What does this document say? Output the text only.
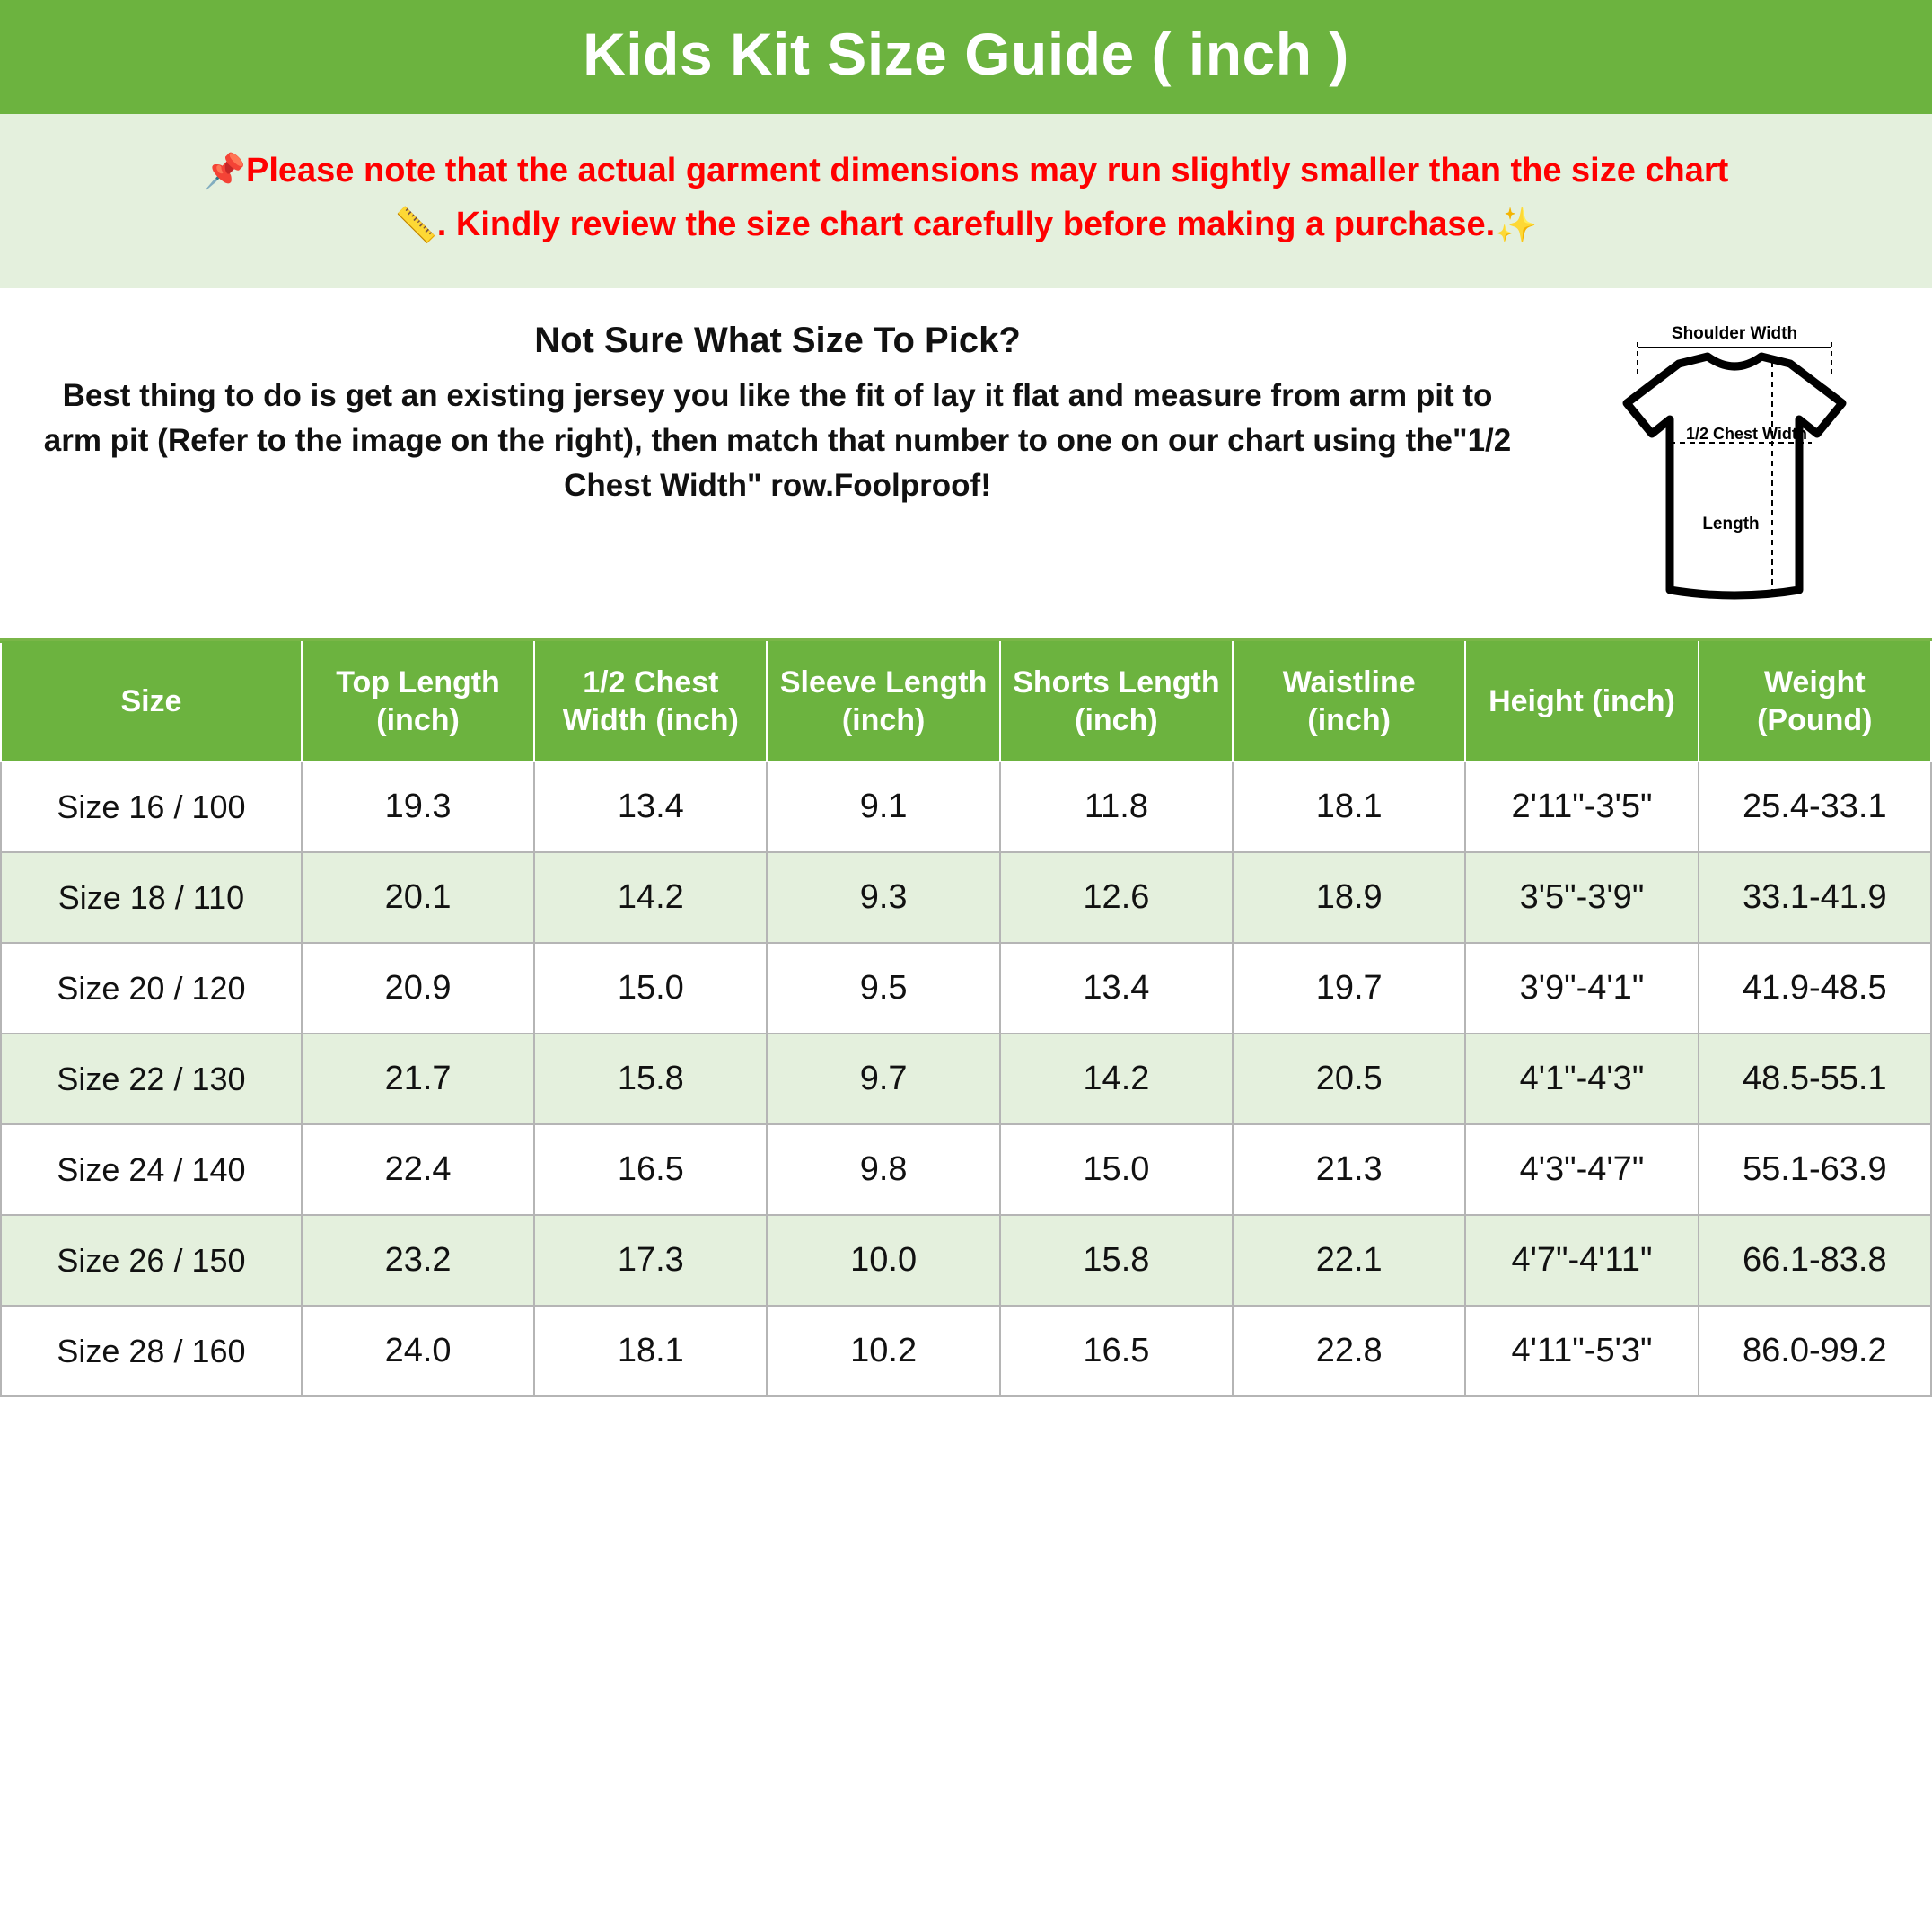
Kids Kit Size Guide ( inch )
📌Please note that the actual garment dimensions may run slightly smaller than the size chart
📏. Kindly review the size chart carefully before making a purchase.✨
Not Sure What Size To Pick?
Best thing to do is get an existing jersey you like the fit of lay it flat and measure from arm pit to arm pit (Refer to the image on the right), then match that number to one on our chart using the"1/2 Chest Width" row.Foolproof!
Shoulder Width
1/2 Chest Width
Length
Size	Top Length (inch)	1/2 Chest Width (inch)	Sleeve Length (inch)	Shorts Length (inch)	Waistline (inch)	Height (inch)	Weight (Pound)
Size 16 / 100	19.3	13.4	9.1	11.8	18.1	2'11"-3'5"	25.4-33.1
Size 18 / 110	20.1	14.2	9.3	12.6	18.9	3'5"-3'9"	33.1-41.9
Size 20 / 120	20.9	15.0	9.5	13.4	19.7	3'9"-4'1"	41.9-48.5
Size 22 / 130	21.7	15.8	9.7	14.2	20.5	4'1"-4'3"	48.5-55.1
Size 24 / 140	22.4	16.5	9.8	15.0	21.3	4'3"-4'7"	55.1-63.9
Size 26 / 150	23.2	17.3	10.0	15.8	22.1	4'7"-4'11"	66.1-83.8
Size 28 / 160	24.0	18.1	10.2	16.5	22.8	4'11"-5'3"	86.0-99.2
